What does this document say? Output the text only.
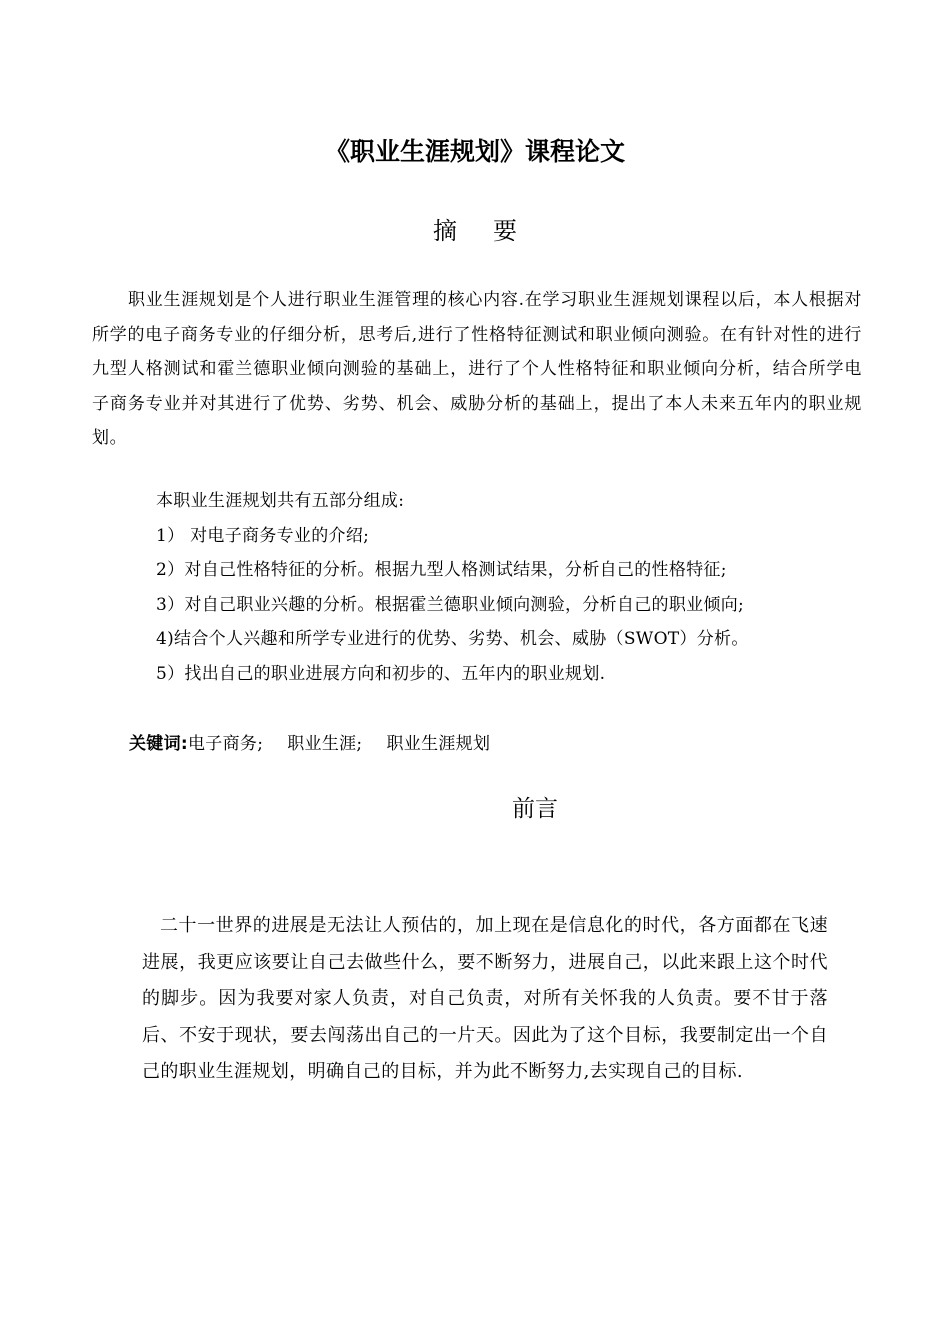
《职业生涯规划》课程论文
摘要

职业生涯规划是个人进行职业生涯管理的核心内容.在学习职业生涯规划课程以后，本人根据对所学的电子商务专业的仔细分析，思考后,进行了性格特征测试和职业倾向测验。在有针对性的进行九型人格测试和霍兰德职业倾向测验的基础上，进行了个人性格特征和职业倾向分析，结合所学电子商务专业并对其进行了优势、劣势、机会、威胁分析的基础上，提出了本人未来五年内的职业规划。

本职业生涯规划共有五部分组成:
1） 对电子商务专业的介绍;
2）对自己性格特征的分析。根据九型人格测试结果，分析自己的性格特征;
3）对自己职业兴趣的分析。根据霍兰德职业倾向测验，分析自己的职业倾向;
4)结合个人兴趣和所学专业进行的优势、劣势、机会、威胁（SWOT）分析。
5）找出自己的职业进展方向和初步的、五年内的职业规划.
关键词:电子商务; 职业生涯; 职业生涯规划
前言

二十一世界的进展是无法让人预估的，加上现在是信息化的时代，各方面都在飞速进展，我更应该要让自己去做些什么，要不断努力，进展自己，以此来跟上这个时代的脚步。因为我要对家人负责，对自己负责，对所有关怀我的人负责。要不甘于落后、不安于现状，要去闯荡出自己的一片天。因此为了这个目标，我要制定出一个自己的职业生涯规划，明确自己的目标，并为此不断努力,去实现自己的目标.
